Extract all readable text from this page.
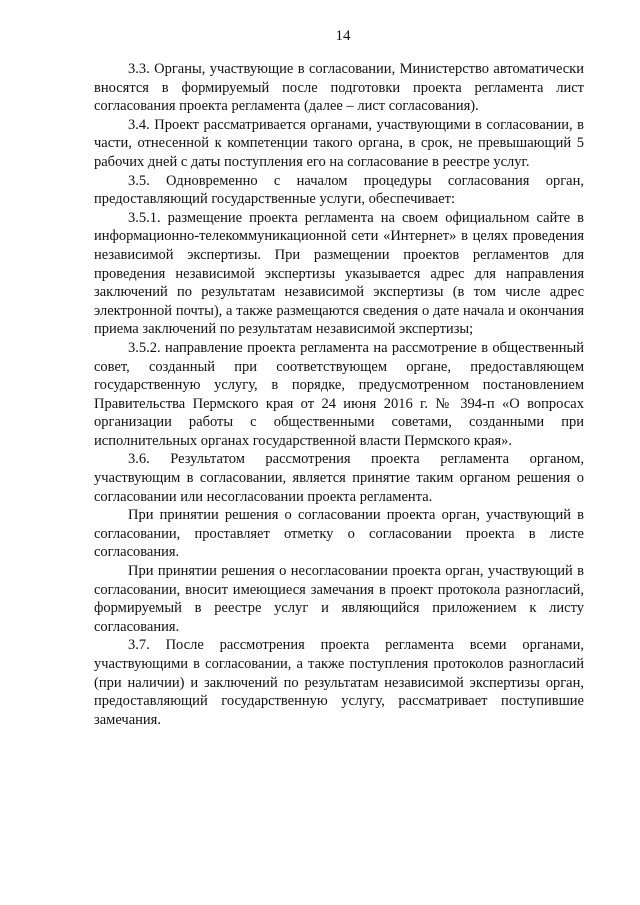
14

3.3. Органы, участвующие в согласовании, Министерство автоматически вносятся в формируемый после подготовки проекта регламента лист согласования проекта регламента (далее – лист согласования).

3.4. Проект рассматривается органами, участвующими в согласовании, в части, отнесенной к компетенции такого органа, в срок, не превышающий 5 рабочих дней с даты поступления его на согласование в реестре услуг.

3.5. Одновременно с началом процедуры согласования орган, предоставляющий государственные услуги, обеспечивает:

3.5.1. размещение проекта регламента на своем официальном сайте в информационно-телекоммуникационной сети «Интернет» в целях проведения независимой экспертизы. При размещении проектов регламентов для проведения независимой экспертизы указывается адрес для направления заключений по результатам независимой экспертизы (в том числе адрес электронной почты), а также размещаются сведения о дате начала и окончания приема заключений по результатам независимой экспертизы;

3.5.2. направление проекта регламента на рассмотрение в общественный совет, созданный при соответствующем органе, предоставляющем государственную услугу, в порядке, предусмотренном постановлением Правительства Пермского края от 24 июня 2016 г. № 394-п «О вопросах организации работы с общественными советами, созданными при исполнительных органах государственной власти Пермского края».

3.6. Результатом рассмотрения проекта регламента органом, участвующим в согласовании, является принятие таким органом решения о согласовании или несогласовании проекта регламента.

При принятии решения о согласовании проекта орган, участвующий в согласовании, проставляет отметку о согласовании проекта в листе согласования.

При принятии решения о несогласовании проекта орган, участвующий в согласовании, вносит имеющиеся замечания в проект протокола разногласий, формируемый в реестре услуг и являющийся приложением к листу согласования.

3.7. После рассмотрения проекта регламента всеми органами, участвующими в согласовании, а также поступления протоколов разногласий (при наличии) и заключений по результатам независимой экспертизы орган, предоставляющий государственную услугу, рассматривает поступившие замечания.
